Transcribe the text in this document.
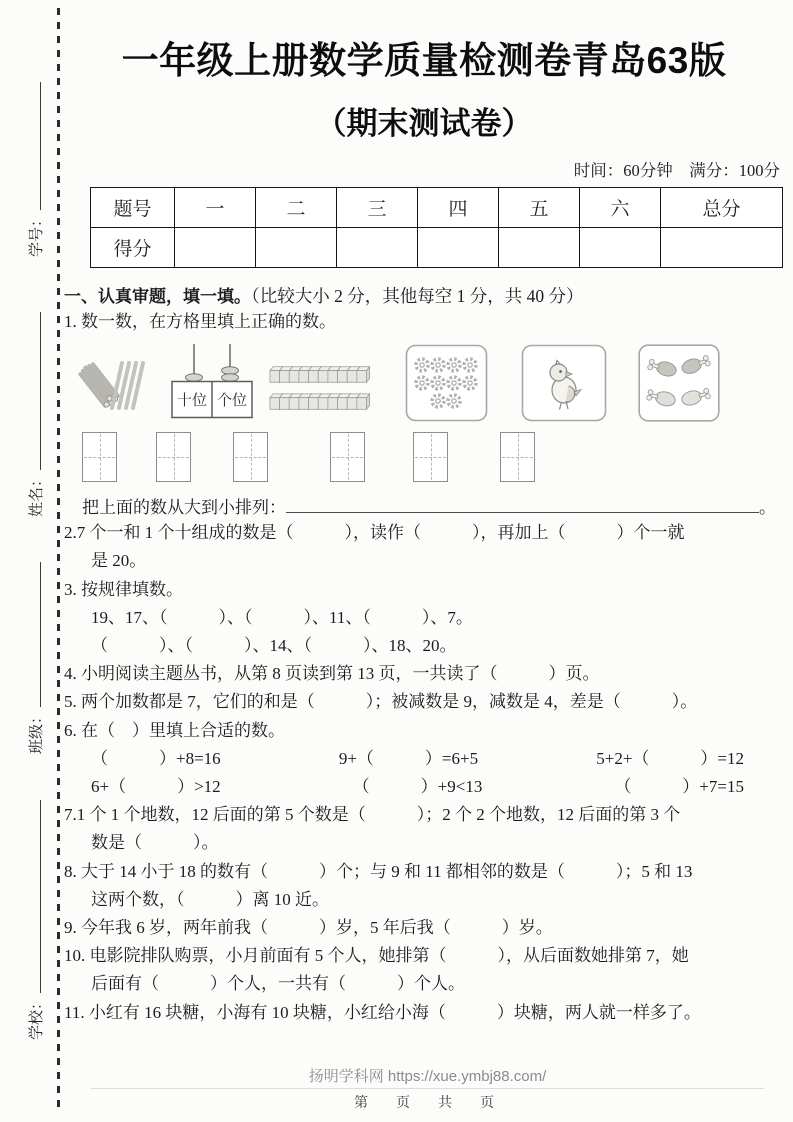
学号：
姓名：
班级：
学校：
一年级上册数学质量检测卷青岛63版
（期末测试卷）
时间：60分钟　满分：100分
题号	一	二	三	四	五	六	总分
得分							
一、认真审题，填一填。（比较大小 2 分，其他每空 1 分，共 40 分）
1. 数一数，在方格里填上正确的数。
十位 个位
把上面的数从大到小排列：	。
2.7 个一和 1 个十组成的数是（　　　），读作（　　　），再加上（　　　）个一就
是 20。
3. 按规律填数。
19、17、（　　　）、（　　　）、11、（　　　）、7。
（　　　）、（　　　）、14、（　　　）、18、20。
4. 小明阅读主题丛书，从第 8 页读到第 13 页，一共读了（　　　）页。
5. 两个加数都是 7，它们的和是（　　　）；被减数是 9，减数是 4，差是（　　　）。
6. 在（　）里填上合适的数。
（　　　）+8=16	9+（　　　）=6+5	5+2+（　　　）=12
6+（　　　）>12	（　　　）+9<13	（　　　）+7=15
7.1 个 1 个地数，12 后面的第 5 个数是（　　　）；2 个 2 个地数，12 后面的第 3 个
数是（　　　）。
8. 大于 14 小于 18 的数有（　　　）个；与 9 和 11 都相邻的数是（　　　）；5 和 13
这两个数，（　　　）离 10 近。
9. 今年我 6 岁，两年前我（　　　）岁，5 年后我（　　　）岁。
10. 电影院排队购票，小月前面有 5 个人，她排第（　　　），从后面数她排第 7，她
后面有（　　　）个人，一共有（　　　）个人。
11. 小红有 16 块糖，小海有 10 块糖，小红给小海（　　　）块糖，两人就一样多了。
扬明学科网 https://xue.ymbj88.com/
第　页　共　页
